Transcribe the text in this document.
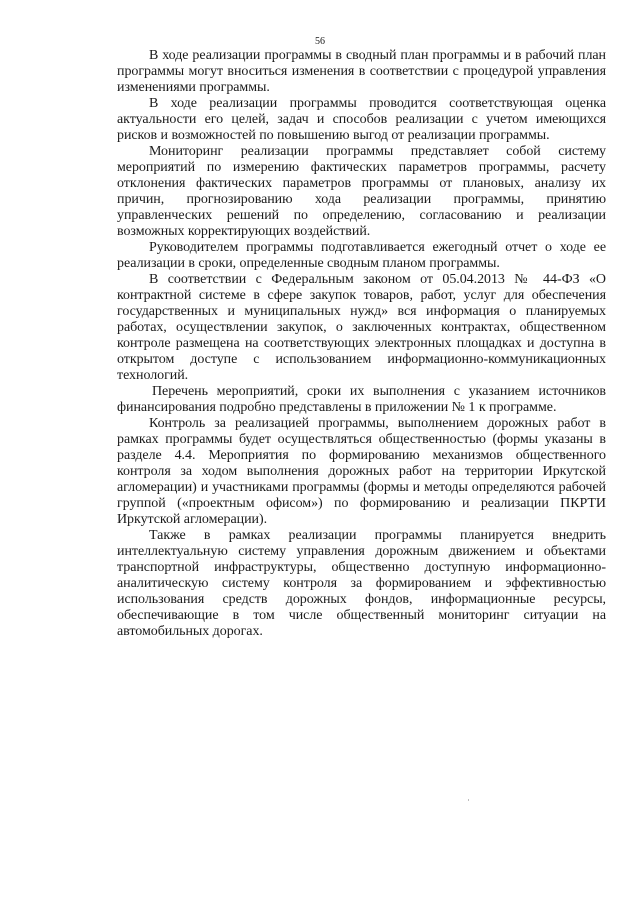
56

В ходе реализации программы в сводный план программы и в рабочий план программы могут вноситься изменения в соответствии с процедурой управления изменениями программы.

В ходе реализации программы проводится соответствующая оценка актуальности его целей, задач и способов реализации с учетом имеющихся рисков и возможностей по повышению выгод от реализации программы.

Мониторинг реализации программы представляет собой систему мероприятий по измерению фактических параметров программы, расчету отклонения фактических параметров программы от плановых, анализу их причин, прогнозированию хода реализации программы, принятию управленческих решений по определению, согласованию и реализации возможных корректирующих воздействий.

Руководителем программы подготавливается ежегодный отчет о ходе ее реализации в сроки, определенные сводным планом программы.

В соответствии с Федеральным законом от 05.04.2013 № 44-ФЗ «О контрактной системе в сфере закупок товаров, работ, услуг для обеспечения государственных и муниципальных нужд» вся информация о планируемых работах, осуществлении закупок, о заключенных контрактах, общественном контроле размещена на соответствующих электронных площадках и доступна в открытом доступе с использованием информационно-коммуникационных технологий.

Перечень мероприятий, сроки их выполнения с указанием источников финансирования подробно представлены в приложении № 1 к программе.

Контроль за реализацией программы, выполнением дорожных работ в рамках программы будет осуществляться общественностью (формы указаны в разделе 4.4. Мероприятия по формированию механизмов общественного контроля за ходом выполнения дорожных работ на территории Иркутской агломерации) и участниками программы (формы и методы определяются рабочей группой («проектным офисом») по формированию и реализации ПКРТИ Иркутской агломерации).

Также в рамках реализации программы планируется внедрить интеллектуальную систему управления дорожным движением и объектами транспортной инфраструктуры, общественно доступную информационно-аналитическую систему контроля за формированием и эффективностью использования средств дорожных фондов, информационные ресурсы, обеспечивающие в том числе общественный мониторинг ситуации на автомобильных дорогах.
